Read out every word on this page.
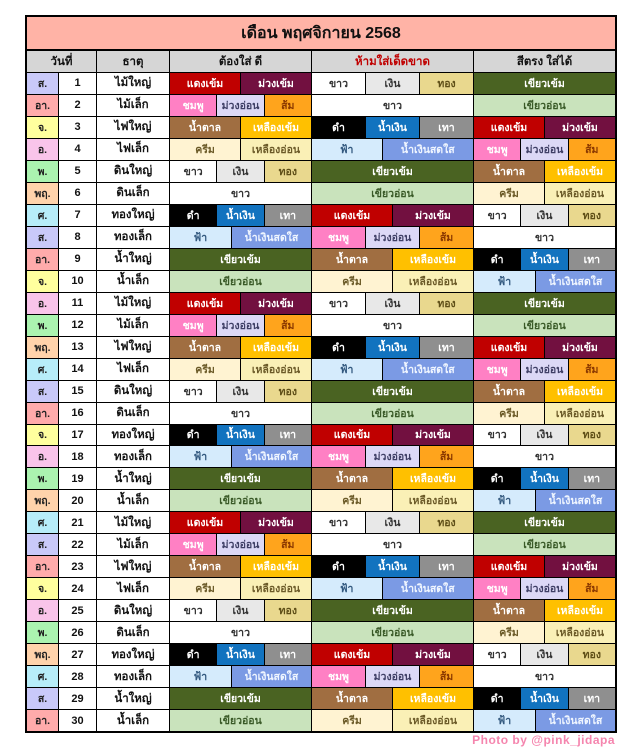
เดือน พฤศจิกายน 2568
วันที่	ธาตุ	ต้องใส่ ดี	ห้ามใส่เด็ดขาด	สีตรง ใส่ได้
ส.	1	ไม้ใหญ่	แดงเข้ม	ม่วงเข้ม	ขาว	เงิน	ทอง	เขียวเข้ม
อา.	2	ไม้เล็ก	ชมพู	ม่วงอ่อน	ส้ม	ขาว	เขียวอ่อน
จ.	3	ไฟใหญ่	น้ำตาล	เหลืองเข้ม	ดำ	น้ำเงิน	เทา	แดงเข้ม	ม่วงเข้ม
อ.	4	ไฟเล็ก	ครีม	เหลืองอ่อน	ฟ้า	น้ำเงินสดใส	ชมพู	ม่วงอ่อน	ส้ม
พ.	5	ดินใหญ่	ขาว	เงิน	ทอง	เขียวเข้ม	น้ำตาล	เหลืองเข้ม
พฤ.	6	ดินเล็ก	ขาว	เขียวอ่อน	ครีม	เหลืองอ่อน
ศ.	7	ทองใหญ่	ดำ	น้ำเงิน	เทา	แดงเข้ม	ม่วงเข้ม	ขาว	เงิน	ทอง
ส.	8	ทองเล็ก	ฟ้า	น้ำเงินสดใส	ชมพู	ม่วงอ่อน	ส้ม	ขาว
อา.	9	น้ำใหญ่	เขียวเข้ม	น้ำตาล	เหลืองเข้ม	ดำ	น้ำเงิน	เทา
จ.	10	น้ำเล็ก	เขียวอ่อน	ครีม	เหลืองอ่อน	ฟ้า	น้ำเงินสดใส
อ.	11	ไม้ใหญ่	แดงเข้ม	ม่วงเข้ม	ขาว	เงิน	ทอง	เขียวเข้ม
พ.	12	ไม้เล็ก	ชมพู	ม่วงอ่อน	ส้ม	ขาว	เขียวอ่อน
พฤ.	13	ไฟใหญ่	น้ำตาล	เหลืองเข้ม	ดำ	น้ำเงิน	เทา	แดงเข้ม	ม่วงเข้ม
ศ.	14	ไฟเล็ก	ครีม	เหลืองอ่อน	ฟ้า	น้ำเงินสดใส	ชมพู	ม่วงอ่อน	ส้ม
ส.	15	ดินใหญ่	ขาว	เงิน	ทอง	เขียวเข้ม	น้ำตาล	เหลืองเข้ม
อา.	16	ดินเล็ก	ขาว	เขียวอ่อน	ครีม	เหลืองอ่อน
จ.	17	ทองใหญ่	ดำ	น้ำเงิน	เทา	แดงเข้ม	ม่วงเข้ม	ขาว	เงิน	ทอง
อ.	18	ทองเล็ก	ฟ้า	น้ำเงินสดใส	ชมพู	ม่วงอ่อน	ส้ม	ขาว
พ.	19	น้ำใหญ่	เขียวเข้ม	น้ำตาล	เหลืองเข้ม	ดำ	น้ำเงิน	เทา
พฤ.	20	น้ำเล็ก	เขียวอ่อน	ครีม	เหลืองอ่อน	ฟ้า	น้ำเงินสดใส
ศ.	21	ไม้ใหญ่	แดงเข้ม	ม่วงเข้ม	ขาว	เงิน	ทอง	เขียวเข้ม
ส.	22	ไม้เล็ก	ชมพู	ม่วงอ่อน	ส้ม	ขาว	เขียวอ่อน
อา.	23	ไฟใหญ่	น้ำตาล	เหลืองเข้ม	ดำ	น้ำเงิน	เทา	แดงเข้ม	ม่วงเข้ม
จ.	24	ไฟเล็ก	ครีม	เหลืองอ่อน	ฟ้า	น้ำเงินสดใส	ชมพู	ม่วงอ่อน	ส้ม
อ.	25	ดินใหญ่	ขาว	เงิน	ทอง	เขียวเข้ม	น้ำตาล	เหลืองเข้ม
พ.	26	ดินเล็ก	ขาว	เขียวอ่อน	ครีม	เหลืองอ่อน
พฤ.	27	ทองใหญ่	ดำ	น้ำเงิน	เทา	แดงเข้ม	ม่วงเข้ม	ขาว	เงิน	ทอง
ศ.	28	ทองเล็ก	ฟ้า	น้ำเงินสดใส	ชมพู	ม่วงอ่อน	ส้ม	ขาว
ส.	29	น้ำใหญ่	เขียวเข้ม	น้ำตาล	เหลืองเข้ม	ดำ	น้ำเงิน	เทา
อา.	30	น้ำเล็ก	เขียวอ่อน	ครีม	เหลืองอ่อน	ฟ้า	น้ำเงินสดใส
Photo by @pink_jidapa
